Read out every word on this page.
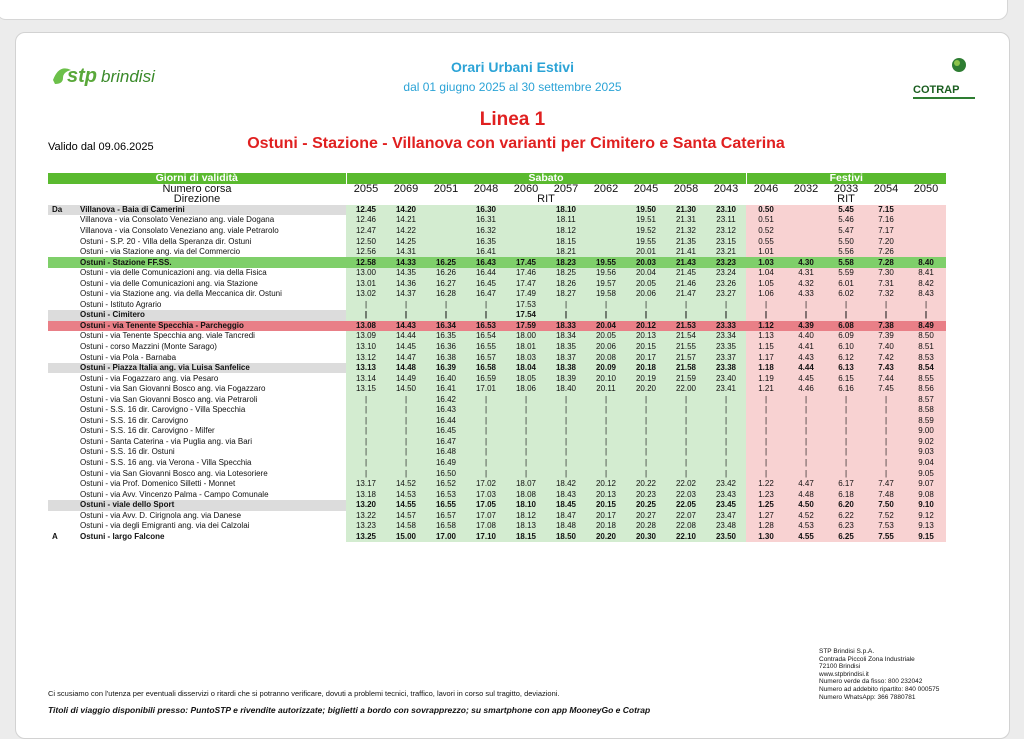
stp brindisi
COTRAP
Orari Urbani Estivi
dal 01 giugno 2025 al 30 settembre 2025
Linea 1
Ostuni - Stazione - Villanova con varianti per Cimitero e Santa Caterina
Valido dal 09.06.2025
Giorni di validità		Sabato										Festivi				
Numero corsa		2055	2069	2051	2048	2060	2057	2062	2045	2058	2043	2046	2032	2033	2054	2050
Direzione		RIT										RIT				
Da	Villanova - Baia di Camerini	12.45	14.20		16.30		18.10		19.50	21.30	23.10	0.50		5.45	7.15	
	Villanova - via Consolato Veneziano ang. viale Dogana	12.46	14.21		16.31		18.11		19.51	21.31	23.11	0.51		5.46	7.16	
	Villanova - via Consolato Veneziano ang. viale Petrarolo	12.47	14.22		16.32		18.12		19.52	21.32	23.12	0.52		5.47	7.17	
	Ostuni - S.P. 20 - Villa della Speranza dir. Ostuni	12.50	14.25		16.35		18.15		19.55	21.35	23.15	0.55		5.50	7.20	
	Ostuni - via Stazione ang. via del Commercio	12.56	14.31		16.41		18.21		20.01	21.41	23.21	1.01		5.56	7.26	
	Ostuni - Stazione FF.SS.	12.58	14.33	16.25	16.43	17.45	18.23	19.55	20.03	21.43	23.23	1.03	4.30	5.58	7.28	8.40
	Ostuni - via delle Comunicazioni ang. via della Fisica	13.00	14.35	16.26	16.44	17.46	18.25	19.56	20.04	21.45	23.24	1.04	4.31	5.59	7.30	8.41
	Ostuni - via delle Comunicazioni ang. via Stazione	13.01	14.36	16.27	16.45	17.47	18.26	19.57	20.05	21.46	23.26	1.05	4.32	6.01	7.31	8.42
	Ostuni - via Stazione ang. via della Meccanica dir. Ostuni	13.02	14.37	16.28	16.47	17.49	18.27	19.58	20.06	21.47	23.27	1.06	4.33	6.02	7.32	8.43
	Ostuni - Istituto Agrario	|	|	|	|	17.53	|	|	|	|	|	|	|	|	|	|
	Ostuni - Cimitero	|	|	|	|	17.54	|	|	|	|	|	|	|	|	|	|
	Ostuni - via Tenente Specchia - Parcheggio	13.08	14.43	16.34	16.53	17.59	18.33	20.04	20.12	21.53	23.33	1.12	4.39	6.08	7.38	8.49
	Ostuni - via Tenente Specchia ang. viale Tancredi	13.09	14.44	16.35	16.54	18.00	18.34	20.05	20.13	21.54	23.34	1.13	4.40	6.09	7.39	8.50
	Ostuni - corso Mazzini (Monte Sarago)	13.10	14.45	16.36	16.55	18.01	18.35	20.06	20.15	21.55	23.35	1.15	4.41	6.10	7.40	8.51
	Ostuni - via Pola - Barnaba	13.12	14.47	16.38	16.57	18.03	18.37	20.08	20.17	21.57	23.37	1.17	4.43	6.12	7.42	8.53
	Ostuni - Piazza Italia ang. via Luisa Sanfelice	13.13	14.48	16.39	16.58	18.04	18.38	20.09	20.18	21.58	23.38	1.18	4.44	6.13	7.43	8.54
	Ostuni - via Fogazzaro ang. via Pesaro	13.14	14.49	16.40	16.59	18.05	18.39	20.10	20.19	21.59	23.40	1.19	4.45	6.15	7.44	8.55
	Ostuni - via San Giovanni Bosco ang. via Fogazzaro	13.15	14.50	16.41	17.01	18.06	18.40	20.11	20.20	22.00	23.41	1.21	4.46	6.16	7.45	8.56
	Ostuni - via San Giovanni Bosco ang. via Petraroli	|	|	16.42	|	|	|	|	|	|	|	|	|	|	|	8.57
	Ostuni - S.S. 16 dir. Carovigno - Villa Specchia	|	|	16.43	|	|	|	|	|	|	|	|	|	|	|	8.58
	Ostuni - S.S. 16 dir. Carovigno	|	|	16.44	|	|	|	|	|	|	|	|	|	|	|	8.59
	Ostuni - S.S. 16 dir. Carovigno - Milfer	|	|	16.45	|	|	|	|	|	|	|	|	|	|	|	9.00
	Ostuni - Santa Caterina - via Puglia ang. via Bari	|	|	16.47	|	|	|	|	|	|	|	|	|	|	|	9.02
	Ostuni - S.S. 16 dir. Ostuni	|	|	16.48	|	|	|	|	|	|	|	|	|	|	|	9.03
	Ostuni - S.S. 16 ang. via Verona - Villa Specchia	|	|	16.49	|	|	|	|	|	|	|	|	|	|	|	9.04
	Ostuni - via San Giovanni Bosco ang. via Lotesoriere	|	|	16.50	|	|	|	|	|	|	|	|	|	|	|	9.05
	Ostuni - via Prof. Domenico Silletti - Monnet	13.17	14.52	16.52	17.02	18.07	18.42	20.12	20.22	22.02	23.42	1.22	4.47	6.17	7.47	9.07
	Ostuni - via Avv. Vincenzo Palma - Campo Comunale	13.18	14.53	16.53	17.03	18.08	18.43	20.13	20.23	22.03	23.43	1.23	4.48	6.18	7.48	9.08
	Ostuni - viale dello Sport	13.20	14.55	16.55	17.05	18.10	18.45	20.15	20.25	22.05	23.45	1.25	4.50	6.20	7.50	9.10
	Ostuni - via Avv. D. Cirignola ang. via Danese	13.22	14.57	16.57	17.07	18.12	18.47	20.17	20.27	22.07	23.47	1.27	4.52	6.22	7.52	9.12
	Ostuni - via degli Emigranti ang. via dei Calzolai	13.23	14.58	16.58	17.08	18.13	18.48	20.18	20.28	22.08	23.48	1.28	4.53	6.23	7.53	9.13
A	Ostuni - largo Falcone	13.25	15.00	17.00	17.10	18.15	18.50	20.20	20.30	22.10	23.50	1.30	4.55	6.25	7.55	9.15
STP Brindisi S.p.A.
Contrada Piccoli Zona Industriale
72100 Brindisi
www.stpbrindisi.it
Numero verde da fisso: 800 232042
Numero ad addebito ripartito: 840 000575
Numero WhatsApp: 366 7880781
Ci scusiamo con l'utenza per eventuali disservizi o ritardi che si potranno verificare, dovuti a problemi tecnici, traffico, lavori in corso sul tragitto, deviazioni.
Titoli di viaggio disponibili presso: PuntoSTP e rivendite autorizzate; biglietti a bordo con sovrapprezzo; su smartphone con app MooneyGo e Cotrap
